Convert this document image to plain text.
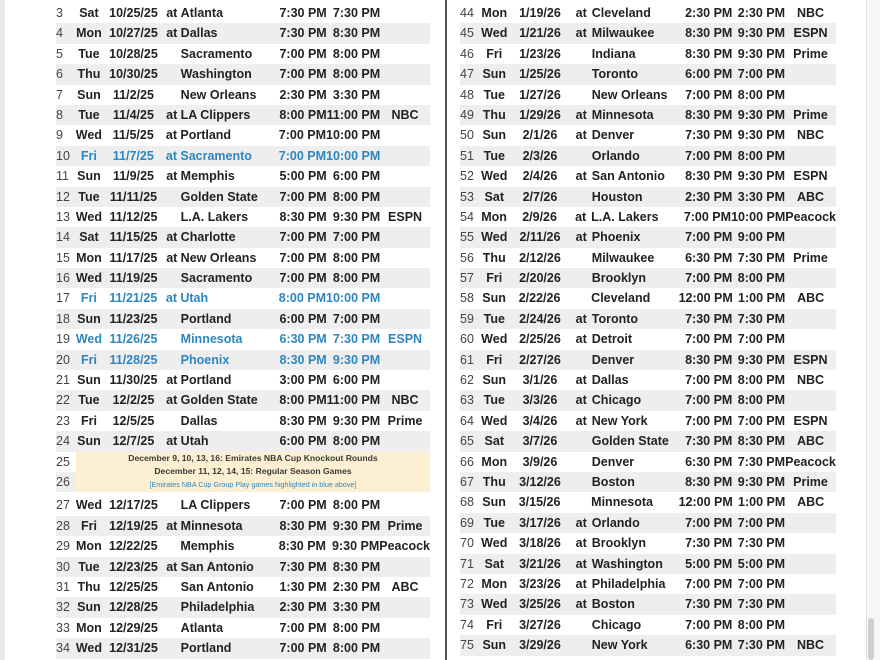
3	Sat 10/25/25 at Atlanta	7:30 PM 7:30 PM
4	Mon 10/27/25 at Dallas	7:30 PM 8:30 PM
5	Tue 10/28/25	Sacramento	7:00 PM 8:00 PM
6	Thu 10/30/25	Washington	7:00 PM 8:00 PM
7	Sun 11/2/25	New Orleans	2:30 PM 3:30 PM
8	Tue	11/4/25 at LA Clippers	8:00 PM 11:00 PM NBC
9	Wed 11/5/25 at Portland	7:00 PM 10:00 PM
10 Fri	11/7/25 at Sacramento	7:00 PM 10:00 PM
11 Sun 11/9/25 at Memphis	5:00 PM 6:00 PM
12 Tue 11/11/25	Golden State	7:00 PM 8:00 PM
13 Wed 11/12/25	L.A. Lakers	8:30 PM 9:30 PM ESPN
14 Sat 11/15/25 at Charlotte	7:00 PM 7:00 PM
15 Mon 11/17/25 at New Orleans	7:00 PM 8:00 PM
16 Wed 11/19/25	Sacramento	7:00 PM 8:00 PM
17 Fri 11/21/25 at Utah	8:00 PM 10:00 PM
18 Sun 11/23/25	Portland	6:00 PM 7:00 PM
19 Wed 11/26/25	Minnesota	6:30 PM 7:30 PM ESPN
20 Fri	11/28/25	Phoenix	8:30 PM 9:30 PM
21 Sun 11/30/25 at Portland	3:00 PM 6:00 PM
22 Tue	12/2/25 at Golden State	8:00 PM 11:00 PM NBC
23 Fri	12/5/25	Dallas	8:30 PM 9:30 PM Prime
24 Sun 12/7/25 at Utah	6:00 PM 8:00 PM
25
26
December 9, 10, 13, 16: Emirates NBA Cup Knockout Rounds
December 11, 12, 14, 15: Regular Season Games
[Emirates NBA Cup Group Play games highlighted in blue above]
27 Wed 12/17/25	LA Clippers	7:00 PM 8:00 PM
28 Fri 12/19/25 at Minnesota	8:30 PM 9:30 PM Prime
29 Mon 12/22/25	Memphis	8:30 PM 9:30 PM Peacock
30 Tue 12/23/25 at San Antonio	7:30 PM 8:30 PM
31 Thu 12/25/25	San Antonio	1:30 PM 2:30 PM ABC
32 Sun 12/28/25	Philadelphia	2:30 PM 3:30 PM
33 Mon 12/29/25	Atlanta	7:00 PM 8:00 PM
34 Wed 12/31/25	Portland	7:00 PM 8:00 PM
44 Mon 1/19/26	at Cleveland	2:30 PM 2:30 PM NBC
45 Wed 1/21/26	at Milwaukee	8:30 PM 9:30 PM ESPN
46 Fri	1/23/26	Indiana	8:30 PM 9:30 PM Prime
47 Sun	1/25/26	Toronto	6:00 PM 7:00 PM
48 Tue	1/27/26	New Orleans	7:00 PM 8:00 PM
49 Thu	1/29/26	at Minnesota	8:30 PM 9:30 PM Prime
50 Sun	2/1/26	at Denver	7:30 PM 9:30 PM NBC
51 Tue	2/3/26	Orlando	7:00 PM 8:00 PM
52 Wed	2/4/26	at San Antonio	8:30 PM 9:30 PM ESPN
53 Sat	2/7/26	Houston	2:30 PM 3:30 PM ABC
54 Mon	2/9/26	at L.A. Lakers	7:00 PM 10:00 PM Peacock
55 Wed 2/11/26	at Phoenix	7:00 PM 9:00 PM
56 Thu	2/12/26	Milwaukee	6:30 PM 7:30 PM Prime
57 Fri	2/20/26	Brooklyn	7:00 PM 8:00 PM
58 Sun	2/22/26	Cleveland	12:00 PM 1:00 PM ABC
59 Tue	2/24/26	at Toronto	7:30 PM 7:30 PM
60 Wed 2/25/26	at Detroit	7:00 PM 7:00 PM
61 Fri	2/27/26	Denver	8:30 PM 9:30 PM ESPN
62 Sun	3/1/26	at Dallas	7:00 PM 8:00 PM NBC
63 Tue	3/3/26	at Chicago	7:00 PM 8:00 PM
64 Wed	3/4/26	at New York	7:00 PM 7:00 PM ESPN
65 Sat	3/7/26	Golden State	7:30 PM 8:30 PM ABC
66 Mon	3/9/26	Denver	6:30 PM 7:30 PM Peacock
67 Thu	3/12/26	Boston	8:30 PM 9:30 PM Prime
68 Sun	3/15/26	Minnesota	12:00 PM 1:00 PM ABC
69 Tue	3/17/26	at Orlando	7:00 PM 7:00 PM
70 Wed 3/18/26	at Brooklyn	7:30 PM 7:30 PM
71 Sat	3/21/26	at Washington	5:00 PM 5:00 PM
72 Mon 3/23/26	at Philadelphia	7:00 PM 7:00 PM
73 Wed 3/25/26	at Boston	7:30 PM 7:30 PM
74 Fri	3/27/26	Chicago	7:00 PM 8:00 PM
75 Sun	3/29/26	New York	6:30 PM 7:30 PM NBC
